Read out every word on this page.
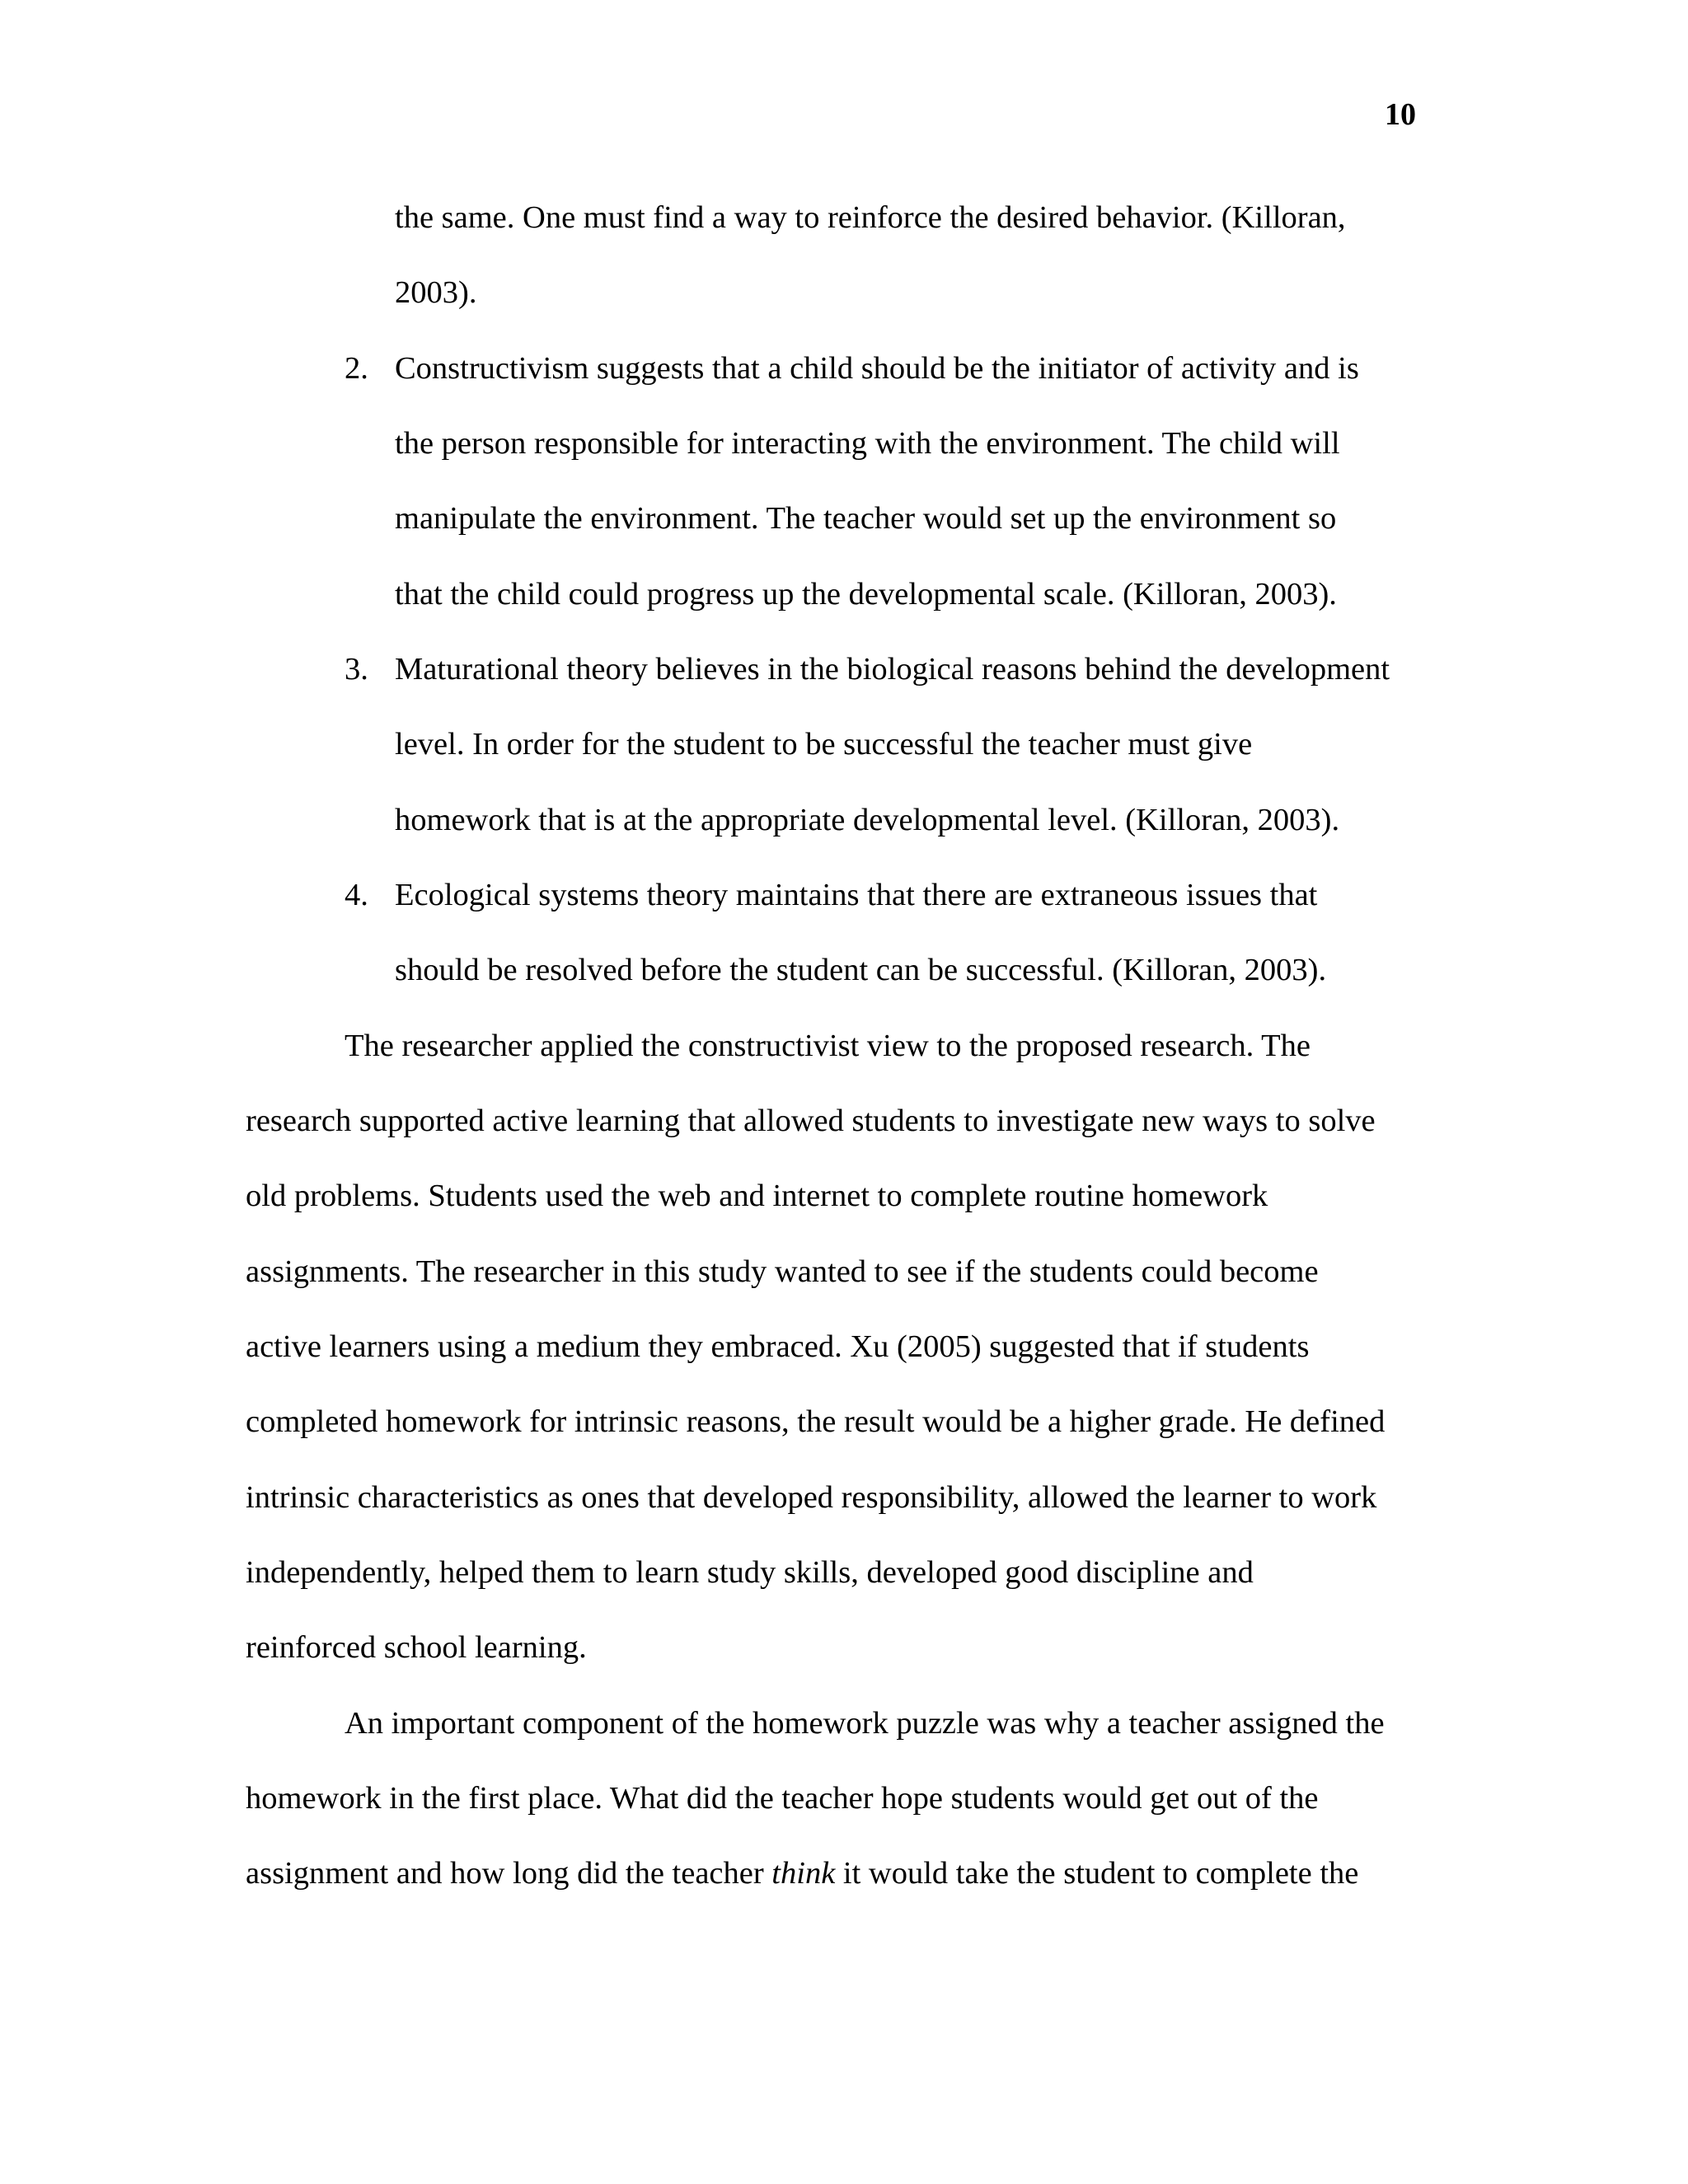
10
the same. One must find a way to reinforce the desired behavior. (Killoran,
2003).
2. Constructivism suggests that a child should be the initiator of activity and is
the person responsible for interacting with the environment. The child will
manipulate the environment. The teacher would set up the environment so
that the child could progress up the developmental scale. (Killoran, 2003).
3. Maturational theory believes in the biological reasons behind the development
level. In order for the student to be successful the teacher must give
homework that is at the appropriate developmental level. (Killoran, 2003).
4. Ecological systems theory maintains that there are extraneous issues that
should be resolved before the student can be successful. (Killoran, 2003).
The researcher applied the constructivist view to the proposed research. The
research supported active learning that allowed students to investigate new ways to solve
old problems. Students used the web and internet to complete routine homework
assignments. The researcher in this study wanted to see if the students could become
active learners using a medium they embraced. Xu (2005) suggested that if students
completed homework for intrinsic reasons, the result would be a higher grade. He defined
intrinsic characteristics as ones that developed responsibility, allowed the learner to work
independently, helped them to learn study skills, developed good discipline and
reinforced school learning.
An important component of the homework puzzle was why a teacher assigned the
homework in the first place. What did the teacher hope students would get out of the
assignment and how long did the teacher think it would take the student to complete the
